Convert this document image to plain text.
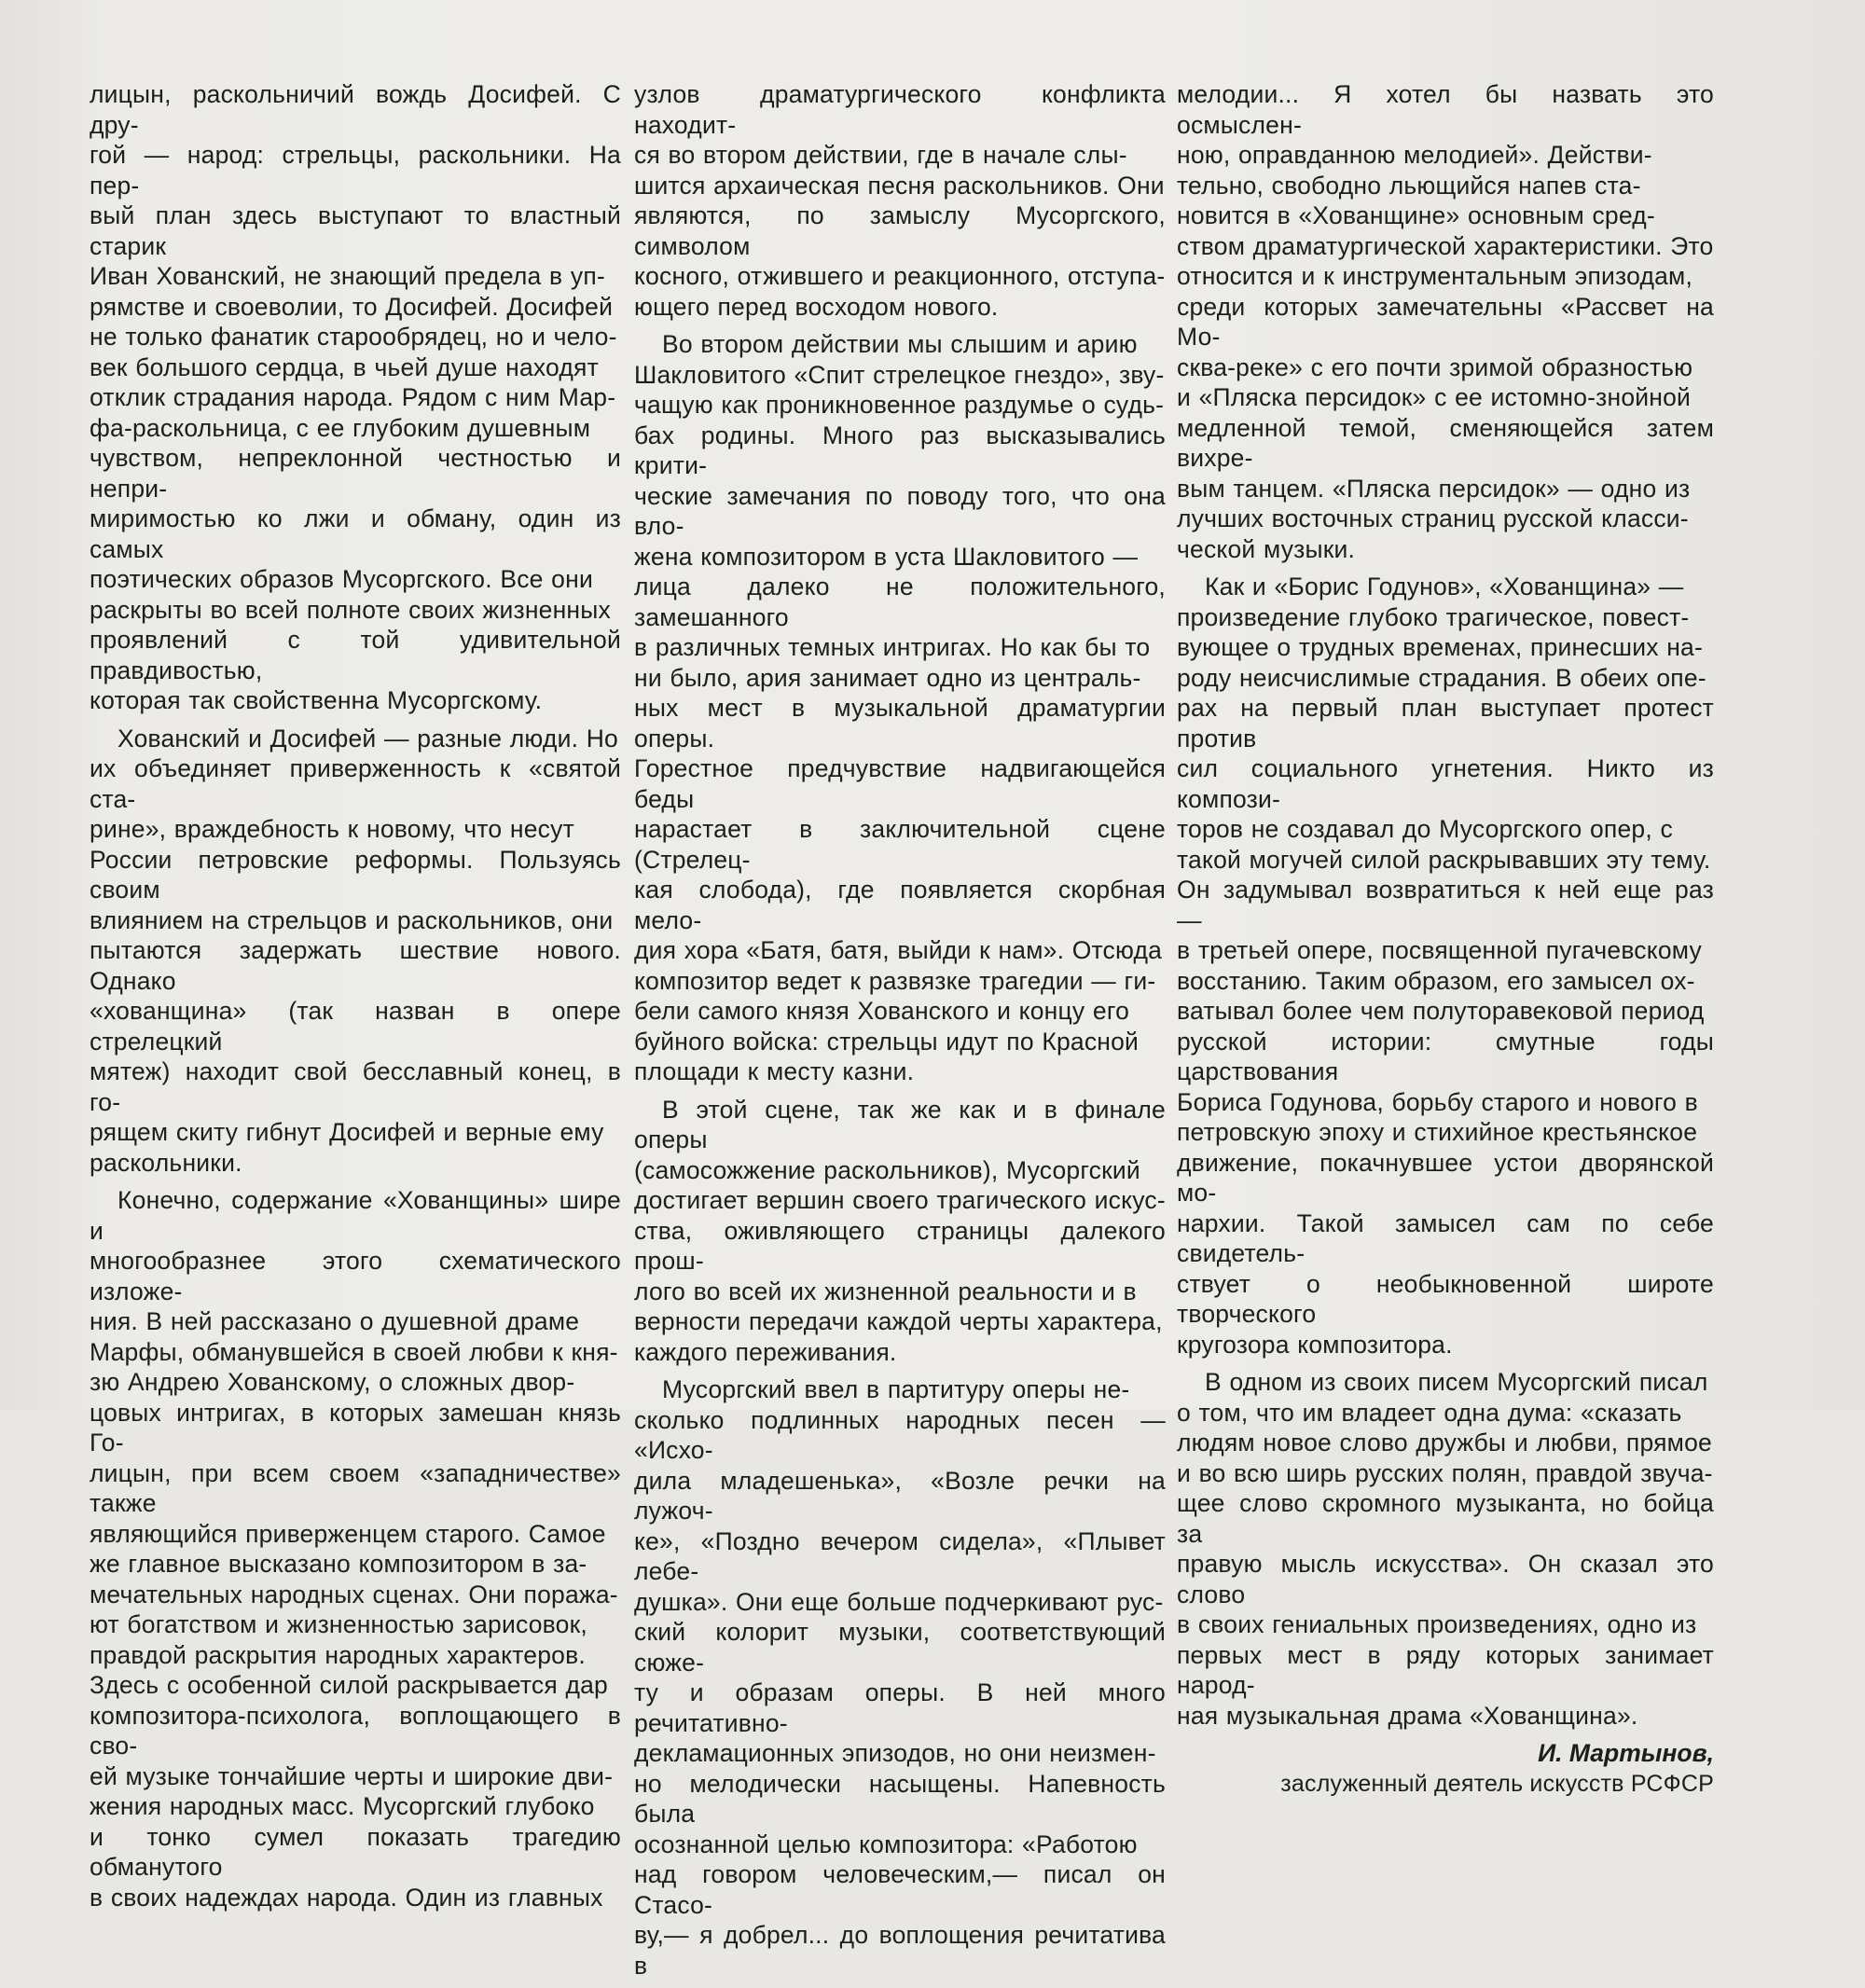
лицын, раскольничий вождь Досифей. С дру-
гой — народ: стрельцы, раскольники. На пер-
вый план здесь выступают то властный старик
Иван Хованский, не знающий предела в уп-
рямстве и своеволии, то Досифей. Досифей
не только фанатик старообрядец, но и чело-
век большого сердца, в чьей душе находят
отклик страдания народа. Рядом с ним Мар-
фа-раскольница, с ее глубоким душевным
чувством, непреклонной честностью и непри-
миримостью ко лжи и обману, один из самых
поэтических образов Мусоргского. Все они
раскрыты во всей полноте своих жизненных
проявлений с той удивительной правдивостью,
которая так свойственна Мусоргскому.

Хованский и Досифей — разные люди. Но
их объединяет приверженность к «святой ста-
рине», враждебность к новому, что несут
России петровские реформы. Пользуясь своим
влиянием на стрельцов и раскольников, они
пытаются задержать шествие нового. Однако
«хованщина» (так назван в опере стрелецкий
мятеж) находит свой бесславный конец, в го-
рящем скиту гибнут Досифей и верные ему
раскольники.

Конечно, содержание «Хованщины» шире и
многообразнее этого схематического изложе-
ния. В ней рассказано о душевной драме
Марфы, обманувшейся в своей любви к кня-
зю Андрею Хованскому, о сложных двор-
цовых интригах, в которых замешан князь Го-
лицын, при всем своем «западничестве» также
являющийся приверженцем старого. Самое
же главное высказано композитором в за-
мечательных народных сценах. Они поража-
ют богатством и жизненностью зарисовок,
правдой раскрытия народных характеров.
Здесь с особенной силой раскрывается дар
композитора-психолога, воплощающего в сво-
ей музыке тончайшие черты и широкие дви-
жения народных масс. Мусоргский глубоко
и тонко сумел показать трагедию обманутого
в своих надеждах народа. Один из главных

узлов драматургического конфликта находит-
ся во втором действии, где в начале слы-
шится архаическая песня раскольников. Они
являются, по замыслу Мусоргского, символом
косного, отжившего и реакционного, отступа-
ющего перед восходом нового.

Во втором действии мы слышим и арию
Шакловитого «Спит стрелецкое гнездо», зву-
чащую как проникновенное раздумье о судь-
бах родины. Много раз высказывались крити-
ческие замечания по поводу того, что она вло-
жена композитором в уста Шакловитого —
лица далеко не положительного, замешанного
в различных темных интригах. Но как бы то
ни было, ария занимает одно из централь-
ных мест в музыкальной драматургии оперы.
Горестное предчувствие надвигающейся беды
нарастает в заключительной сцене (Стрелец-
кая слобода), где появляется скорбная мело-
дия хора «Батя, батя, выйди к нам». Отсюда
композитор ведет к развязке трагедии — ги-
бели самого князя Хованского и концу его
буйного войска: стрельцы идут по Красной
площади к месту казни.

В этой сцене, так же как и в финале оперы
(самосожжение раскольников), Мусоргский
достигает вершин своего трагического искус-
ства, оживляющего страницы далекого прош-
лого во всей их жизненной реальности и в
верности передачи каждой черты характера,
каждого переживания.

Мусоргский ввел в партитуру оперы не-
сколько подлинных народных песен — «Исхо-
дила младешенька», «Возле речки на лужоч-
ке», «Поздно вечером сидела», «Плывет лебе-
душка». Они еще больше подчеркивают рус-
ский колорит музыки, соответствующий сюже-
ту и образам оперы. В ней много речитативно-
декламационных эпизодов, но они неизмен-
но мелодически насыщены. Напевность была
осознанной целью композитора: «Работою
над говором человеческим,— писал он Стасо-
ву,— я добрел... до воплощения речитатива в

мелодии... Я хотел бы назвать это осмыслен-
ною, оправданною мелодией». Действи-
тельно, свободно льющийся напев ста-
новится в «Хованщине» основным сред-
ством драматургической характеристики. Это
относится и к инструментальным эпизодам,
среди которых замечательны «Рассвет на Мо-
сква-реке» с его почти зримой образностью
и «Пляска персидок» с ее истомно-знойной
медленной темой, сменяющейся затем вихре-
вым танцем. «Пляска персидок» — одно из
лучших восточных страниц русской класси-
ческой музыки.

Как и «Борис Годунов», «Хованщина» —
произведение глубоко трагическое, повест-
вующее о трудных временах, принесших на-
роду неисчислимые страдания. В обеих опе-
рах на первый план выступает протест против
сил социального угнетения. Никто из компози-
торов не создавал до Мусоргского опер, с
такой могучей силой раскрывавших эту тему.
Он задумывал возвратиться к ней еще раз —
в третьей опере, посвященной пугачевскому
восстанию. Таким образом, его замысел ох-
ватывал более чем полуторавековой период
русской истории: смутные годы царствования
Бориса Годунова, борьбу старого и нового в
петровскую эпоху и стихийное крестьянское
движение, покачнувшее устои дворянской мо-
нархии. Такой замысел сам по себе свидетель-
ствует о необыкновенной широте творческого
кругозора композитора.

В одном из своих писем Мусоргский писал
о том, что им владеет одна дума: «сказать
людям новое слово дружбы и любви, прямое
и во всю ширь русских полян, правдой звуча-
щее слово скромного музыканта, но бойца за
правую мысль искусства». Он сказал это слово
в своих гениальных произведениях, одно из
первых мест в ряду которых занимает народ-
ная музыкальная драма «Хованщина».

И. Мартынов,
заслуженный деятель искусств РСФСР
